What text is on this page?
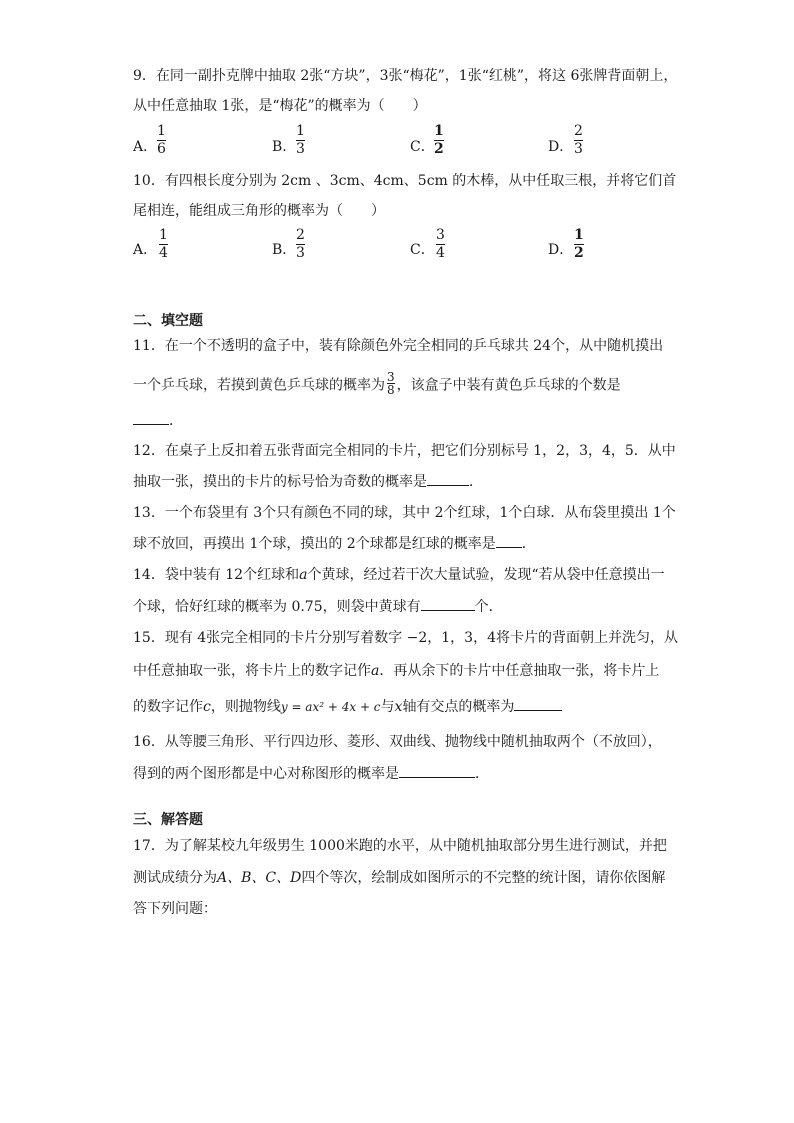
9．在同一副扑克牌中抽取 2张“方块”，3张“梅花”，1张“红桃”，将这 6张牌背面朝上，
从中任意抽取 1张，是“梅花”的概率为（　　）
A．
1
6	B．
1
3	C．
1
2	D．
2
3
10．有四根长度分别为 2cm 、3cm、4cm、5cm 的木棒，从中任取三根，并将它们首
尾相连，能组成三角形的概率为（　　）
A．
1
4	B．
2
3	C．
3
4	D．
1
2
二、填空题
11．在一个不透明的盒子中，装有除颜色外完全相同的乒乓球共 24个，从中随机摸出
一个乒乓球，若摸到黄色乒乓球的概率为 $\frac{3}{8}$ ，该盒子中装有黄色乒乓球的个数是
．
12．在桌子上反扣着五张背面完全相同的卡片，把它们分别标号 1，2，3，4，5．从中
抽取一张，摸出的卡片的标号恰为奇数的概率是	．
13．一个布袋里有 3个只有颜色不同的球，其中 2个红球，1个白球．从布袋里摸出 1个
球不放回，再摸出 1个球，摸出的 2个球都是红球的概率是 ．
14．袋中装有 12个红球和a个黄球，经过若干次大量试验，发现“若从袋中任意摸出一
个球，恰好红球的概率为 0.75，则袋中黄球有	个．
15．现有 4张完全相同的卡片分别写着数字 −2，1，3，4将卡片的背面朝上并洗匀，从
中任意抽取一张，将卡片上的数字记作a．再从余下的卡片中任意抽取一张，将卡片上
的数字记作c，则抛物线y = ax² + 4x + c与x轴有交点的概率为
16．从等腰三角形、平行四边形、菱形、双曲线、抛物线中随机抽取两个（不放回），
得到的两个图形都是中心对称图形的概率是	．
三、解答题
17．为了解某校九年级男生 1000米跑的水平，从中随机抽取部分男生进行测试，并把
测试成绩分为A、B、C、D四个等次，绘制成如图所示的不完整的统计图，请你依图解
答下列问题：
